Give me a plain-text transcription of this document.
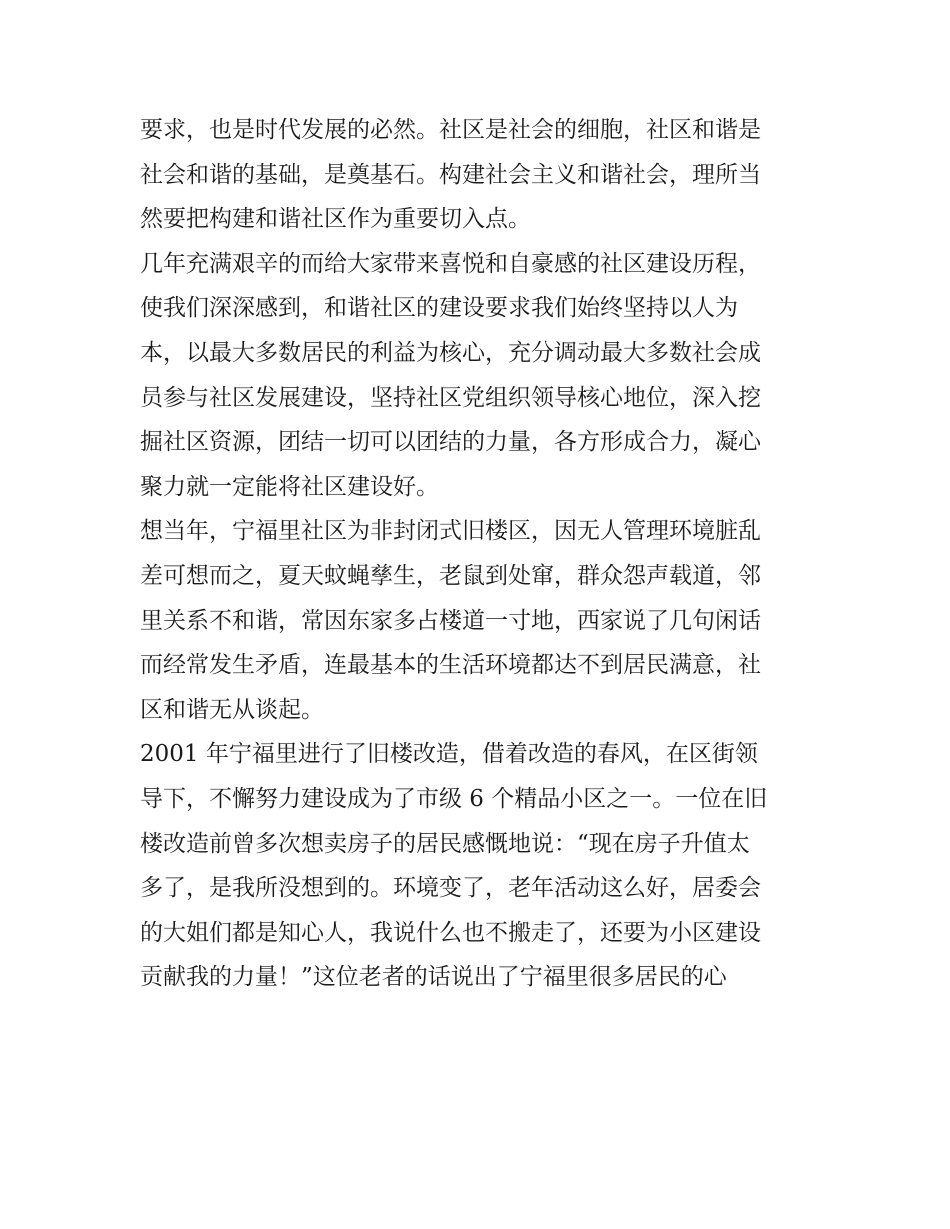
要求，也是时代发展的必然。社区是社会的细胞，社区和谐是
社会和谐的基础，是奠基石。构建社会主义和谐社会，理所当
然要把构建和谐社区作为重要切入点。
几年充满艰辛的而给大家带来喜悦和自豪感的社区建设历程，
使我们深深感到，和谐社区的建设要求我们始终坚持以人为
本，以最大多数居民的利益为核心，充分调动最大多数社会成
员参与社区发展建设，坚持社区党组织领导核心地位，深入挖
掘社区资源，团结一切可以团结的力量，各方形成合力，凝心
聚力就一定能将社区建设好。
想当年，宁福里社区为非封闭式旧楼区，因无人管理环境脏乱
差可想而之，夏天蚊蝇孳生，老鼠到处窜，群众怨声载道，邻
里关系不和谐，常因东家多占楼道一寸地，西家说了几句闲话
而经常发生矛盾，连最基本的生活环境都达不到居民满意，社
区和谐无从谈起。
2001 年宁福里进行了旧楼改造，借着改造的春风，在区街领
导下，不懈努力建设成为了市级 6 个精品小区之一。一位在旧
楼改造前曾多次想卖房子的居民感慨地说：“现在房子升值太
多了，是我所没想到的。环境变了，老年活动这么好，居委会
的大姐们都是知心人，我说什么也不搬走了，还要为小区建设
贡献我的力量！”这位老者的话说出了宁福里很多居民的心
